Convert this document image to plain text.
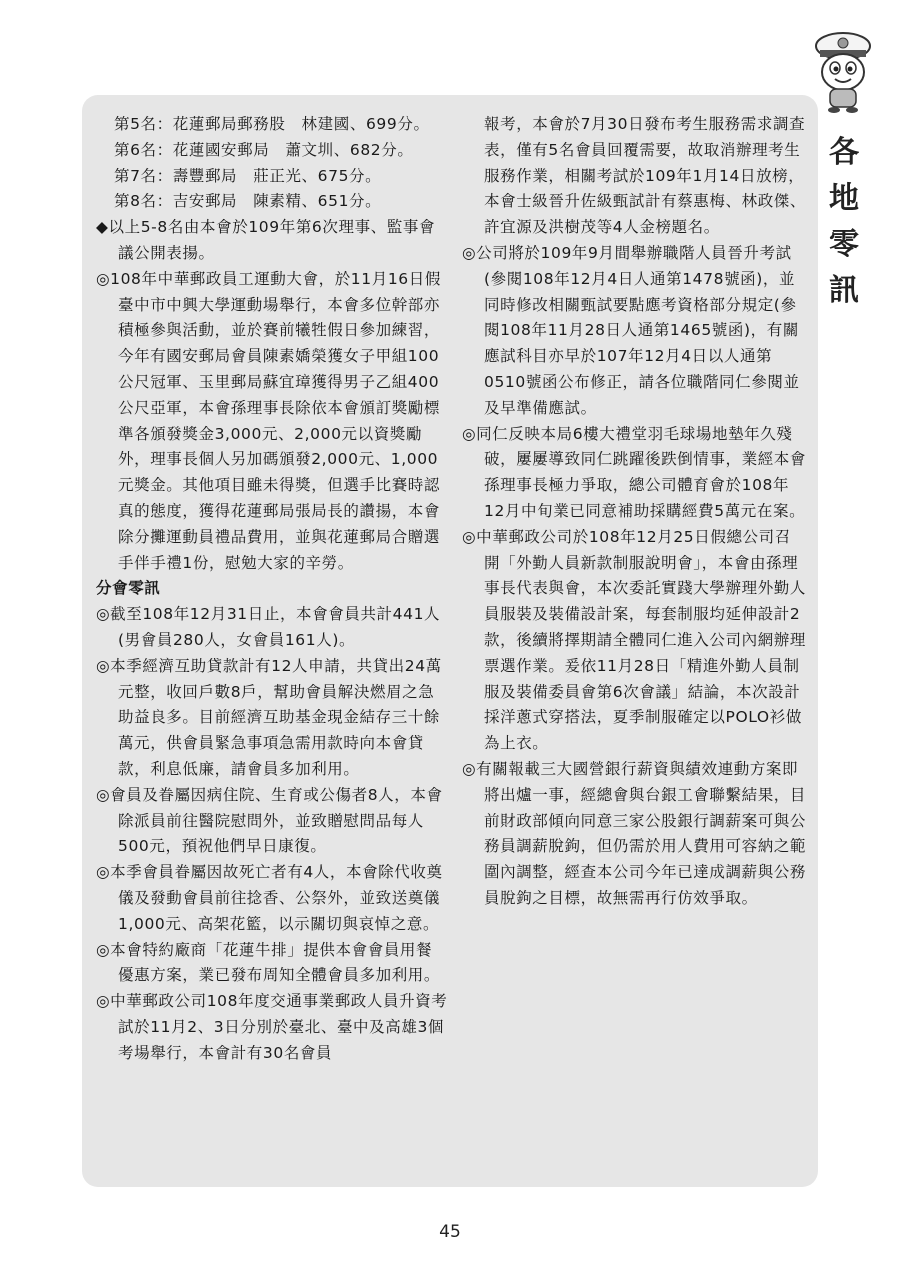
各
地
零
訊

第5名：花蓮郵局郵務股　林建國、699分。

第6名：花蓮國安郵局　蕭文圳、682分。

第7名：壽豐郵局　莊正光、675分。

第8名：吉安郵局　陳素精、651分。

◆以上5-8名由本會於109年第6次理事、監事會議公開表揚。

◎108年中華郵政員工運動大會，於11月16日假臺中市中興大學運動場舉行，本會多位幹部亦積極參與活動，並於賽前犧牲假日參加練習，今年有國安郵局會員陳素嬌榮獲女子甲組100公尺冠軍、玉里郵局蘇宜璋獲得男子乙組400公尺亞軍，本會孫理事長除依本會頒訂獎勵標準各頒發獎金3,000元、2,000元以資獎勵外，理事長個人另加碼頒發2,000元、1,000元獎金。其他項目雖未得獎，但選手比賽時認真的態度，獲得花蓮郵局張局長的讚揚，本會除分攤運動員禮品費用，並與花蓮郵局合贈選手伴手禮1份，慰勉大家的辛勞。

分會零訊

◎截至108年12月31日止，本會會員共計441人(男會員280人，女會員161人)。

◎本季經濟互助貸款計有12人申請，共貸出24萬元整，收回戶數8戶，幫助會員解決燃眉之急助益良多。目前經濟互助基金現金結存三十餘萬元，供會員緊急事項急需用款時向本會貸款，利息低廉，請會員多加利用。

◎會員及眷屬因病住院、生育或公傷者8人，本會除派員前往醫院慰問外，並致贈慰問品每人500元，預祝他們早日康復。

◎本季會員眷屬因故死亡者有4人，本會除代收奠儀及發動會員前往捻香、公祭外，並致送奠儀1,000元、高架花籃，以示關切與哀悼之意。

◎本會特約廠商「花蓮牛排」提供本會會員用餐優惠方案，業已發布周知全體會員多加利用。

◎中華郵政公司108年度交通事業郵政人員升資考試於11月2、3日分別於臺北、臺中及高雄3個考場舉行，本會計有30名會員

報考，本會於7月30日發布考生服務需求調查表，僅有5名會員回覆需要，故取消辦理考生服務作業，相關考試於109年1月14日放榜，本會士級晉升佐級甄試計有蔡惠梅、林政傑、許宜源及洪樹茂等4人金榜題名。

◎公司將於109年9月間舉辦職階人員晉升考試(參閱108年12月4日人通第1478號函)，並同時修改相關甄試要點應考資格部分規定(參閱108年11月28日人通第1465號函)，有關應試科目亦早於107年12月4日以人通第0510號函公布修正，請各位職階同仁參閱並及早準備應試。

◎同仁反映本局6樓大禮堂羽毛球場地墊年久殘破，屢屢導致同仁跳躍後跌倒情事，業經本會孫理事長極力爭取，總公司體育會於108年12月中旬業已同意補助採購經費5萬元在案。

◎中華郵政公司於108年12月25日假總公司召開「外勤人員新款制服說明會」，本會由孫理事長代表與會，本次委託實踐大學辦理外勤人員服裝及裝備設計案，每套制服均延伸設計2款，後續將擇期請全體同仁進入公司內網辦理票選作業。爰依11月28日「精進外勤人員制服及裝備委員會第6次會議」結論，本次設計採洋蔥式穿搭法，夏季制服確定以POLO衫做為上衣。

◎有關報載三大國營銀行薪資與績效連動方案即將出爐一事，經總會與台銀工會聯繫結果，目前財政部傾向同意三家公股銀行調薪案可與公務員調薪脫鉤，但仍需於用人費用可容納之範圍內調整，經查本公司今年已達成調薪與公務員脫鉤之目標，故無需再行仿效爭取。

45
